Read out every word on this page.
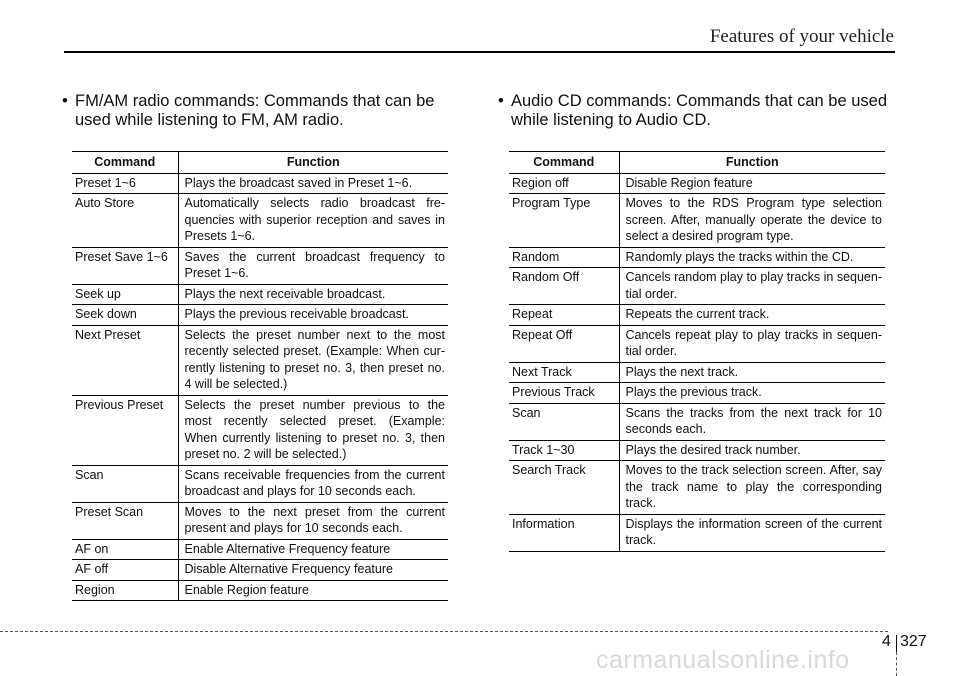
Features of your vehicle
• FM/AM radio commands: Commands that can be
used while listening to FM, AM radio.
• Audio CD commands: Commands that can be used
while listening to Audio CD.
Command	Function
Preset 1~6	Plays the broadcast saved in Preset 1~6.
Auto Store	Automatically selects radio broadcast fre- quencies with superior reception and saves in Presets 1~6.
Preset Save 1~6	Saves the current broadcast frequency to Preset 1~6.
Seek up	Plays the next receivable broadcast.
Seek down	Plays the previous receivable broadcast.
Next Preset	Selects the preset number next to the most recently selected preset. (Example: When cur- rently listening to preset no. 3, then preset no. 4 will be selected.)
Previous Preset	Selects the preset number previous to the most recently selected preset. (Example: When currently listening to preset no. 3, then preset no. 2 will be selected.)
Scan	Scans receivable frequencies from the current broadcast and plays for 10 seconds each.
Preset Scan	Moves to the next preset from the current present and plays for 10 seconds each.
AF on	Enable Alternative Frequency feature
AF off	Disable Alternative Frequency feature
Region	Enable Region feature
Command	Function
Region off	Disable Region feature
Program Type	Moves to the RDS Program type selection screen. After, manually operate the device to select a desired program type.
Random	Randomly plays the tracks within the CD.
Random Off	Cancels random play to play tracks in sequen- tial order.
Repeat	Repeats the current track.
Repeat Off	Cancels repeat play to play tracks in sequen- tial order.
Next Track	Plays the next track.
Previous Track	Plays the previous track.
Scan	Scans the tracks from the next track for 10 seconds each.
Track 1~30	Plays the desired track number.
Search Track	Moves to the track selection screen. After, say the track name to play the corresponding track.
Information	Displays the information screen of the current track.
4 327
carmanualsonline.info
